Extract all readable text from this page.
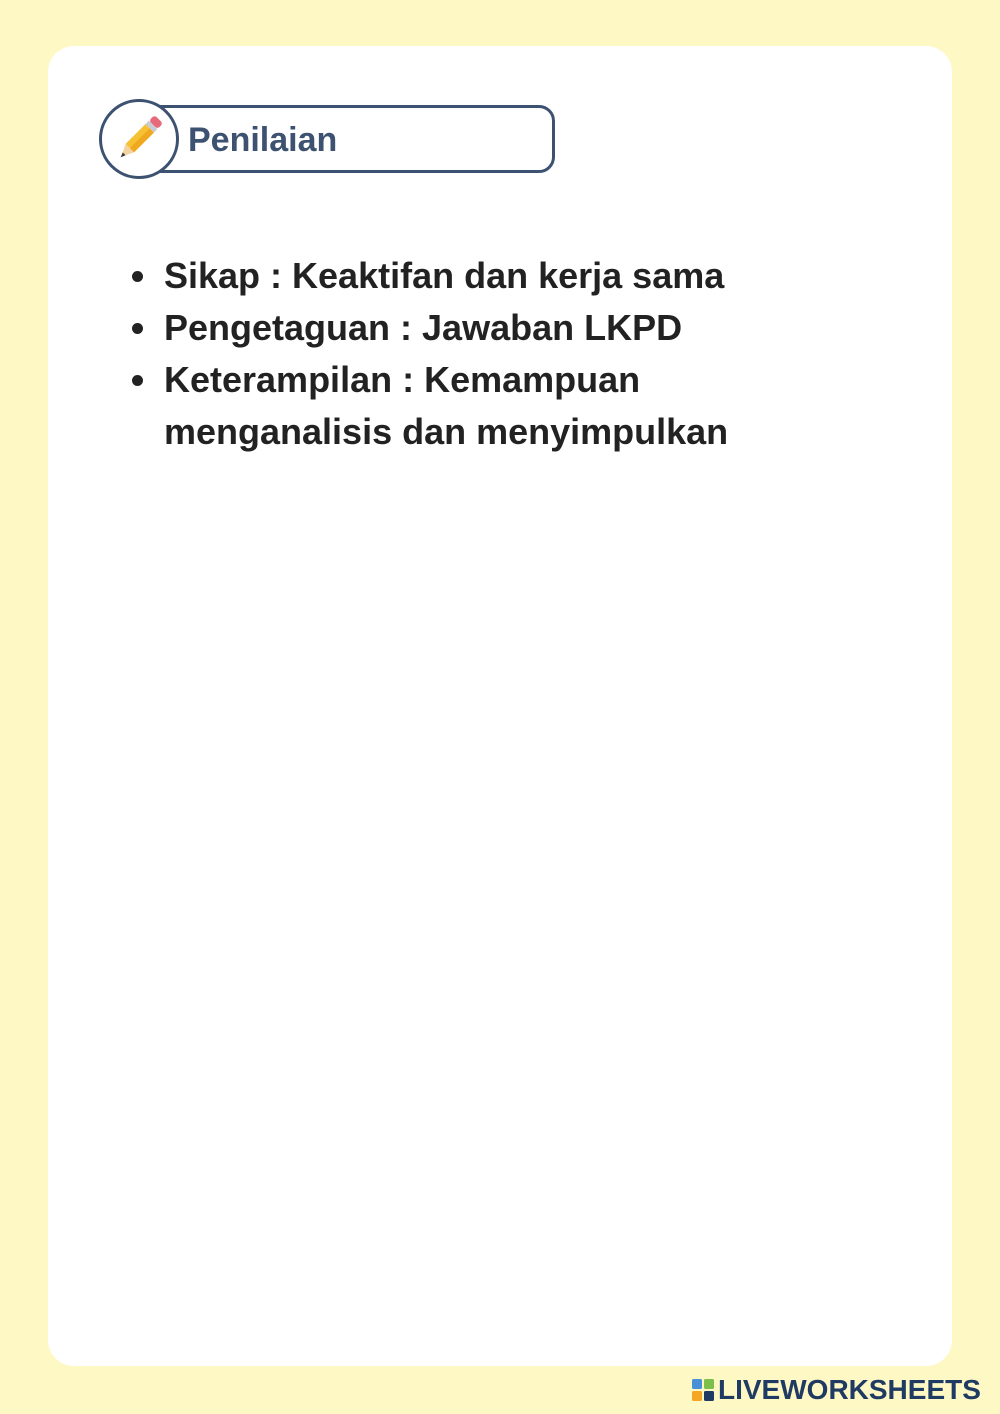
Penilaian
Sikap : Keaktifan dan kerja sama
Pengetaguan : Jawaban LKPD
Keterampilan : Kemampuan menganalisis dan menyimpulkan
LIVEWORKSHEETS
